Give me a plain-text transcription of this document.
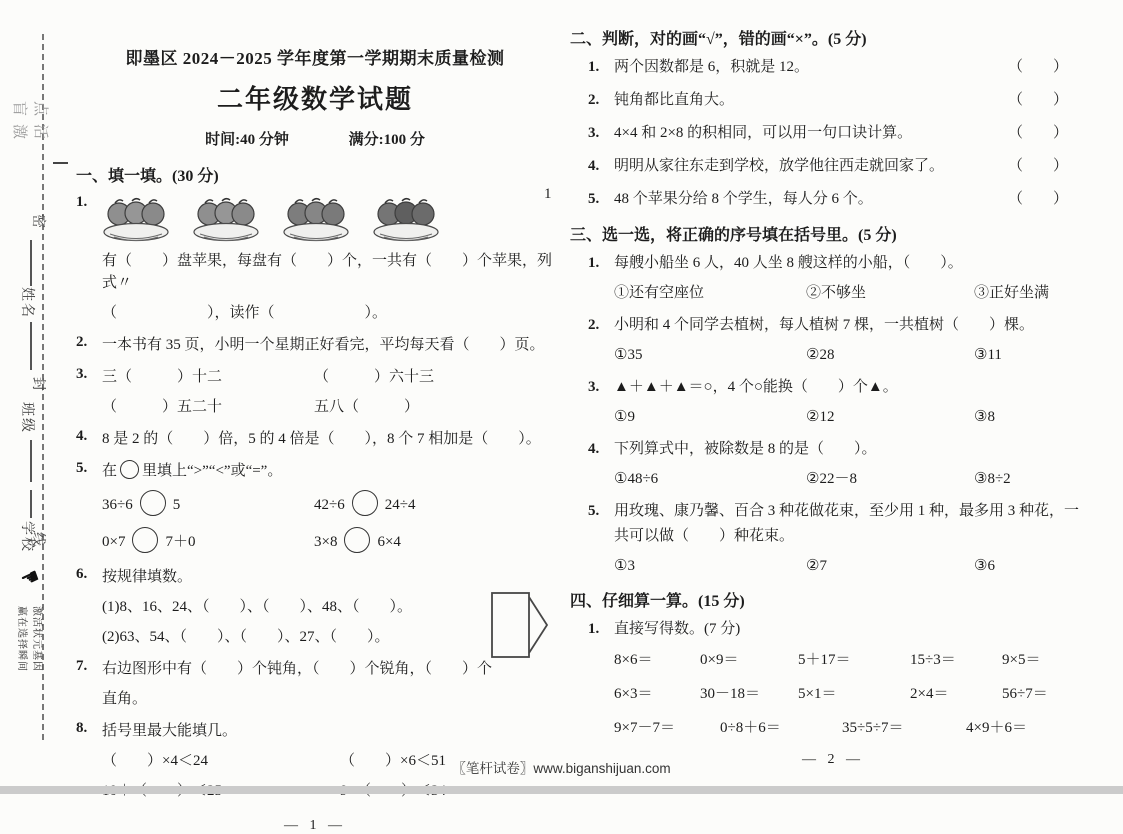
盲 点
激 活
密
封
线
姓名
班级
学校
☚
激活状元基因
赢在选择瞬间
即墨区 2024－2025 学年度第一学期期末质量检测
二年级数学试题
时间:40 分钟	满分:100 分
一、填一填。(30 分)
1.
有（　　）盘苹果，每盘有（　　）个，一共有（　　）个苹果，列式〃
（　　　　　　），读作（　　　　　　）。
2. 一本书有 35 页，小明一个星期正好看完，平均每天看（　　）页。
3. 三（　　　）十二	（　　　）六十三
（　　　）五二十	五八（　　　）
4. 8 是 2 的（　　）倍，5 的 4 倍是（　　），8 个 7 相加是（　　）。
5. 在 里填上“>”“<”或“=”。
36÷6	5	42÷6	24÷4
0×7	7＋0	3×8	6×4
6. 按规律填数。
(1)8、16、24、（　　）、（　　）、48、（　　）。
(2)63、54、（　　）、（　　）、27、（　　）。
7. 右边图形中有（　　）个钝角，（　　）个锐角，（　　）个
直角。
8. 括号里最大能填几。
（　　）×4＜24	（　　）×6＜51
— 1 —
二、判断，对的画“√”，错的画“×”。(5 分)
1. 两个因数都是 6，积就是 12。	（　　）
2. 钝角都比直角大。	（　　）
3. 4×4 和 2×8 的积相同，可以用一句口诀计算。	（　　）
4. 明明从家往东走到学校，放学他往西走就回家了。	（　　）
5. 48 个苹果分给 8 个学生，每人分 6 个。	（　　）
三、选一选，将正确的序号填在括号里。(5 分)
1. 每艘小船坐 6 人，40 人坐 8 艘这样的小船，（　　）。
①还有空座位	②不够坐	③正好坐满
2. 小明和 4 个同学去植树，每人植树 7 棵，一共植树（　　）棵。
①35	②28	③11
3. ▲＋▲＋▲＝○，4 个○能换（　　）个▲。
①9	②12	③8
4. 下列算式中，被除数是 8 的是（　　）。
①48÷6	②22－8	③8÷2
5. 用玫瑰、康乃馨、百合 3 种花做花束，至少用 1 种，最多用 3 种花，一
共可以做（　　）种花束。
①3	②7	③6
四、仔细算一算。(15 分)
1. 直接写得数。(7 分)
8×6＝	0×9＝	5＋17＝	15÷3＝	9×5＝
6×3＝	30－18＝	5×1＝	2×4＝	56÷7＝
9×7－7＝	0÷8＋6＝	35÷5÷7＝	4×9＋6＝
— 2 —
1
〖笔杆试卷〗www.biganshijuan.com
